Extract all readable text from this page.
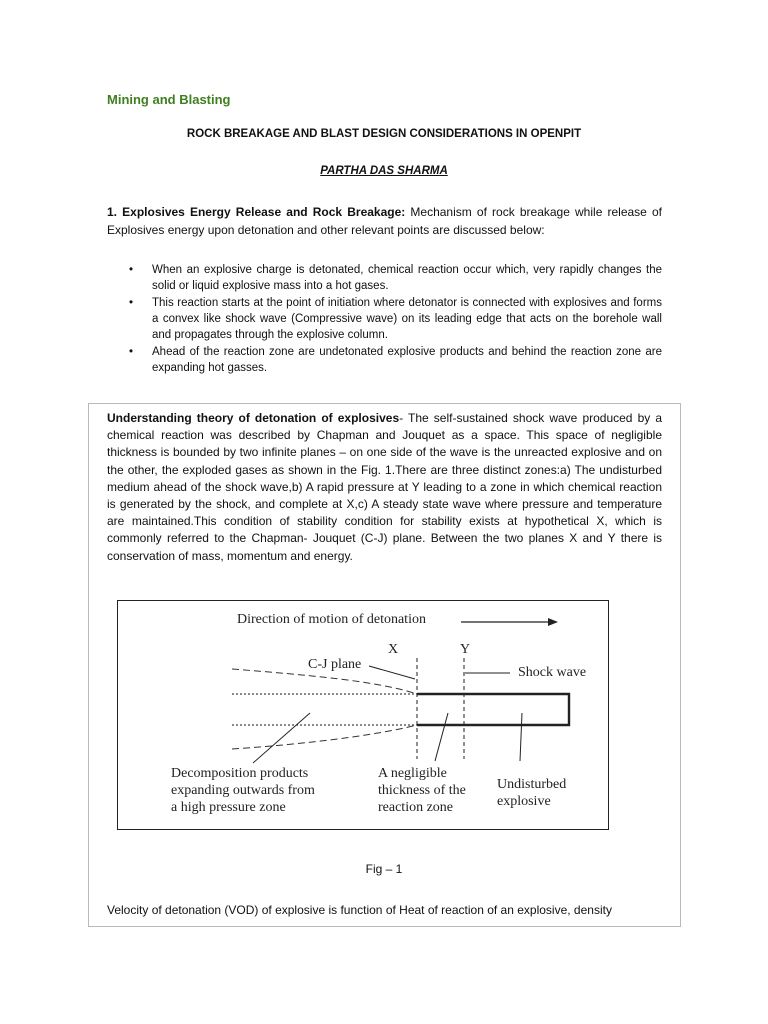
Mining and Blasting
ROCK BREAKAGE AND BLAST DESIGN CONSIDERATIONS IN OPENPIT
PARTHA DAS SHARMA
1. Explosives Energy Release and Rock Breakage: Mechanism of rock breakage while release of Explosives energy upon detonation and other relevant points are discussed below:
• When an explosive charge is detonated, chemical reaction occur which, very rapidly changes the solid or liquid explosive mass into a hot gases.
• This reaction starts at the point of initiation where detonator is connected with explosives and forms a convex like shock wave (Compressive wave) on its leading edge that acts on the borehole wall and propagates through the explosive column.
• Ahead of the reaction zone are undetonated explosive products and behind the reaction zone are expanding hot gasses.
Understanding theory of detonation of explosives- The self-sustained shock wave produced by a chemical reaction was described by Chapman and Jouquet as a space. This space of negligible thickness is bounded by two infinite planes – on one side of the wave is the unreacted explosive and on the other, the exploded gases as shown in the Fig. 1.There are three distinct zones:a) The undisturbed medium ahead of the shock wave,b) A rapid pressure at Y leading to a zone in which chemical reaction is generated by the shock, and complete at X,c) A steady state wave where pressure and temperature are maintained.This condition of stability condition for stability exists at hypothetical X, which is commonly referred to the Chapman- Jouquet (C-J) plane. Between the two planes X and Y there is conservation of mass, momentum and energy.
Direction of motion of detonation
X	Y
C-J plane
Shock wave
Decomposition products
expanding outwards from
a high pressure zone
A negligible
thickness of the
reaction zone
Undisturbed
explosive
Fig – 1
Velocity of detonation (VOD) of explosive is function of Heat of reaction of an explosive, density
